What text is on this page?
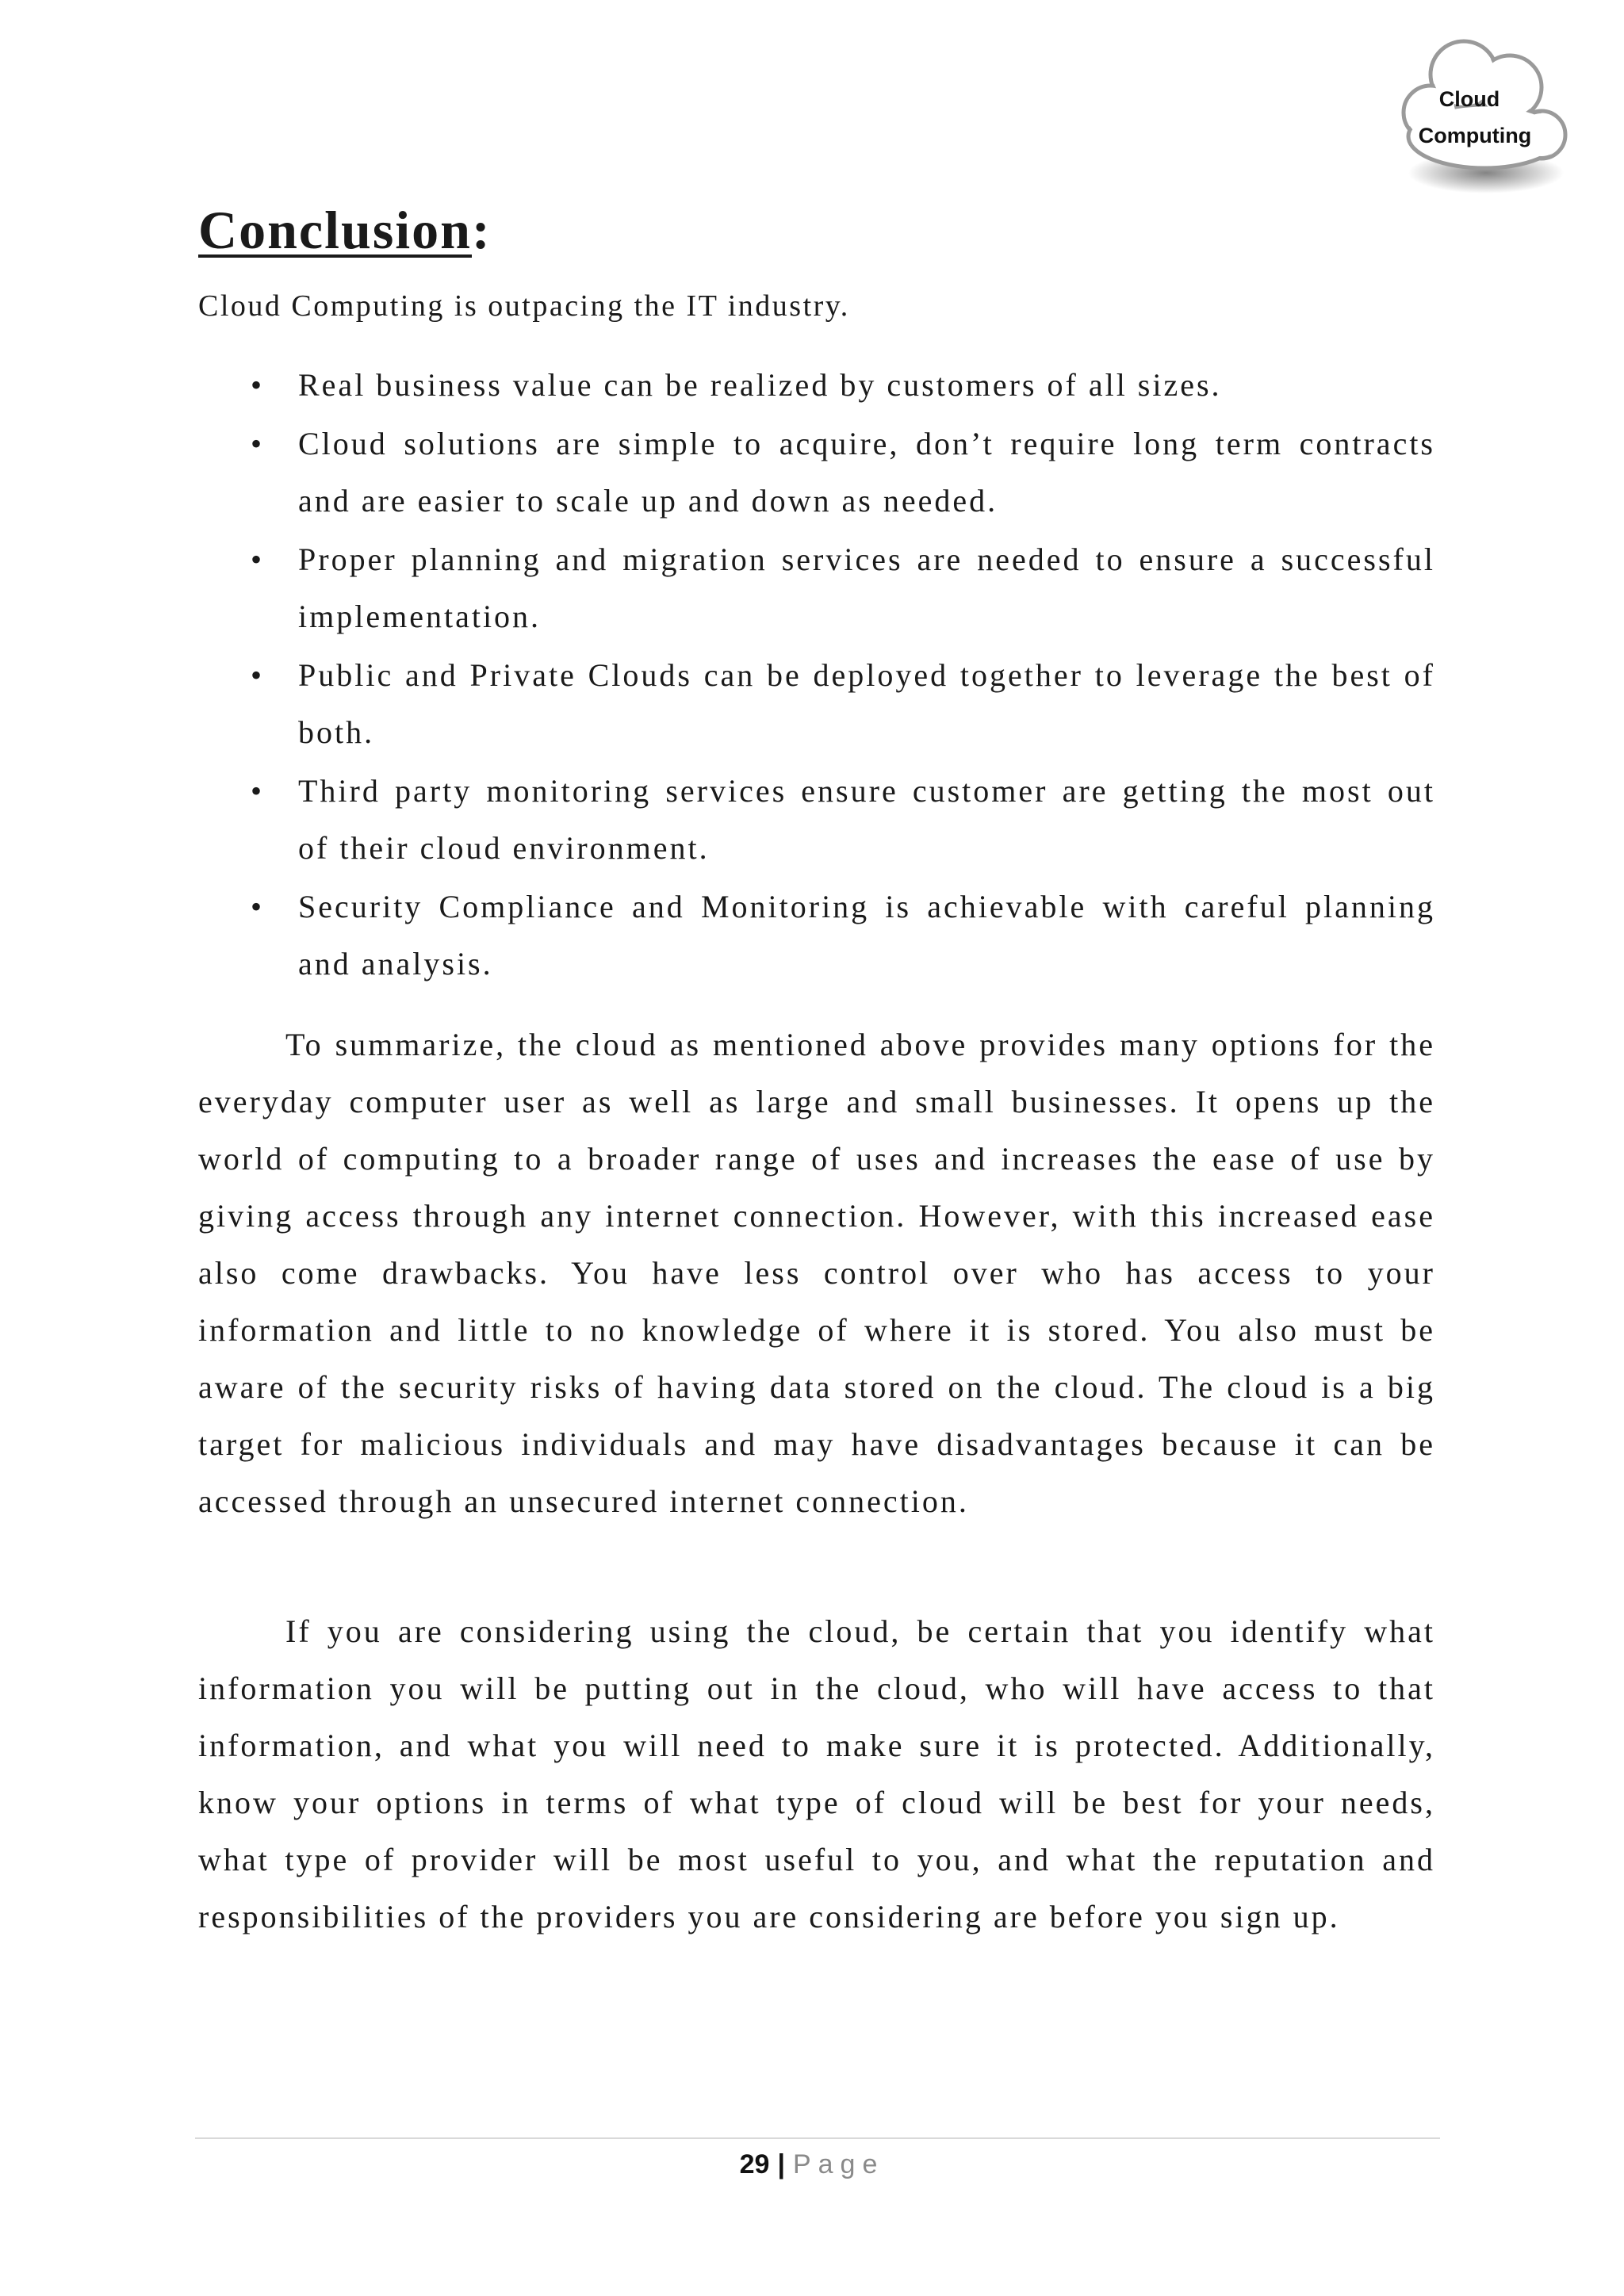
Cloud
Computing
Conclusion:

Cloud Computing is outpacing the IT industry.

• Real business value can be realized by customers of all sizes.
• Cloud solutions are simple to acquire, don’t require long term contracts and are easier to scale up and down as needed.
• Proper planning and migration services are needed to ensure a successful implementation.
• Public and Private Clouds can be deployed together to leverage the best of both.
• Third party monitoring services ensure customer are getting the most out of their cloud environment.
• Security Compliance and Monitoring is achievable with careful planning and analysis.

To summarize, the cloud as mentioned above provides many options for the everyday computer user as well as large and small businesses. It opens up the world of computing to a broader range of uses and increases the ease of use by giving access through any internet connection. However, with this increased ease also come drawbacks. You have less control over who has access to your information and little to no knowledge of where it is stored. You also must be aware of the security risks of having data stored on the cloud. The cloud is a big target for malicious individuals and may have disadvantages because it can be accessed through an unsecured internet connection.

If you are considering using the cloud, be certain that you identify what information you will be putting out in the cloud, who will have access to that information, and what you will need to make sure it is protected. Additionally, know your options in terms of what type of cloud will be best for your needs, what type of provider will be most useful to you, and what the reputation and responsibilities of the providers you are considering are before you sign up.

29 | Page
